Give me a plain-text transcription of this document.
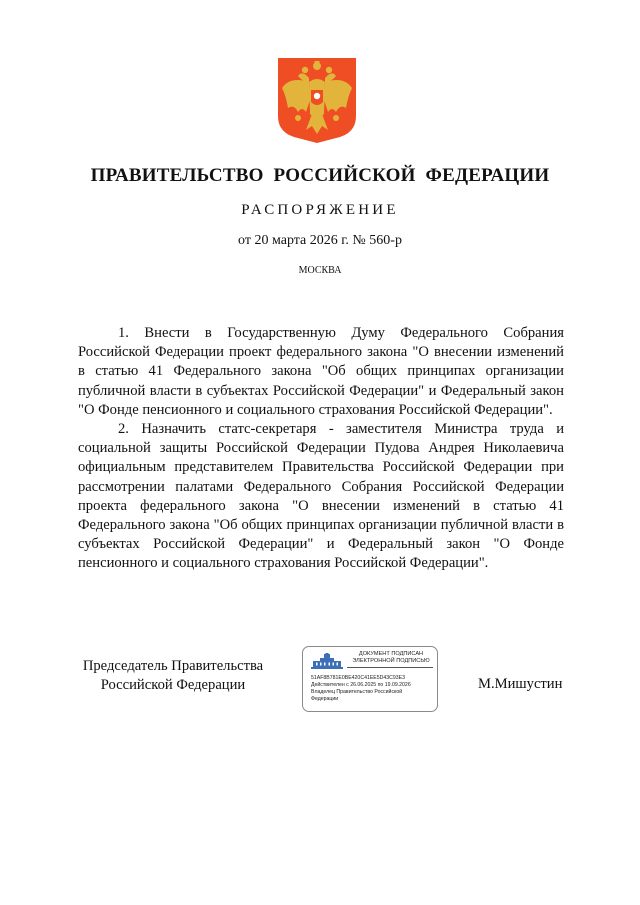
ПРАВИТЕЛЬСТВО РОССИЙСКОЙ ФЕДЕРАЦИИ
РАСПОРЯЖЕНИЕ
от 20 марта 2026 г. № 560-р
МОСКВА

1. Внести в Государственную Думу Федерального Собрания Российской Федерации проект федерального закона "О внесении изменений в статью 41 Федерального закона "Об общих принципах организации публичной власти в субъектах Российской Федерации" и Федеральный закон "О Фонде пенсионного и социального страхования Российской Федерации".

2. Назначить статс-секретаря - заместителя Министра труда и социальной защиты Российской Федерации Пудова Андрея Николаевича официальным представителем Правительства Российской Федерации при рассмотрении палатами Федерального Собрания Российской Федерации проекта федерального закона "О внесении изменений в статью 41 Федерального закона "Об общих принципах организации публичной власти в субъектах Российской Федерации" и Федеральный закон "О Фонде пенсионного и социального страхования Российской Федерации".

Председатель Правительства
Российской Федерации
ДОКУМЕНТ ПОДПИСАН
ЭЛЕКТРОННОЙ ПОДПИСЬЮ
51AF8B781E0BE420C41EE5D43C93E3
Действителен с 26.06.2025 по 19.09.2026
Владелец Правительство Российской
Федерации
М.Мишустин
